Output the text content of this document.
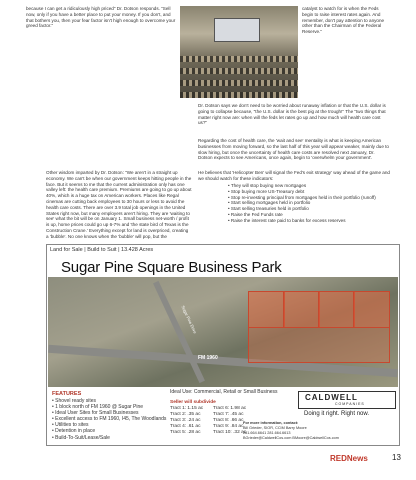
because I can get a ridiculously high priced" Dr. Dotson responds. "Sell now, only if you have a better place to put your money. If you don't, and that bothers you, then your fear factor isn't high enough to overcome your greed factor."
catalyst to watch for is when the Feds begin to raise interest rates again. And remember, don't pay attention to anyone other than the Chairman of the Federal Reserve."
Dr. Dotson says we don't need to be worried about runaway inflation or that the U.S. dollar is going to collapse because, "the U.S. dollar is the best pig at the trough!" The "two things that matter right now are: when will the feds let rates go up and how much will health care cost us?"
Regarding the cost of health care, the 'wait and see' mentality is what is keeping American businesses from moving forward, so the last half of this year will appear weaker, mainly due to slow hiring, but once the uncertainty of health care costs are resolved next January, Dr. Dotson expects to see Americans, once again, begin to 'overwhelm your government'.
He believes that 'Helicopter Ben' will signal the Fed's exit strategy' way ahead of the game and we should watch for these indicators:
• They will stop buying new mortgages
• Stop buying more US-Treasury debt
• Stop re-investing principal from mortgages held in their portfolio (runoff)
• Start selling mortgages held in portfolio
• Start selling treasuries held in portfolio
• Raise the Fed Funds rate
• Raise the interest rate paid to banks for excess reserves
Other wisdom imparted by Dr. Dotson: "We aren't in a straight up economy. We can't be when our government keeps hitting people in the face. But it seems to me that the current administration only has one valley left: the health care premium. Premiums are going to go up about 40%, which is a huge tax on American workers. Places like Regal cinemas are cutting back employees to 30 hours or less to avoid the health care costs. There are over 3.9 total job openings in the United States right now, but many employers aren't hiring. They are 'waiting to see' what the bit will be on January 1. Small business net-worth / profit is up, home prices could go up 6-7% and 'the state bird of Texas is the Construction Crane.' Everything except for land is overpriced, creating a 'bubble'. No one knows when the 'bubble' will pop, but the
Land for Sale | Build to Suit | 13.428 Acres
Sugar Pine Square Business Park
Sugar Pine Drive
FM 1960
FEATURES
• Shovel ready sites
• 1 block north of FM 1960 @ Sugar Pine
• Ideal User Sites for Small Businesses
• Excellent access to FM 1960, I45, The Woodlands
• Utilities to sites
• Detention in place
• Build-To-Suit/Lease/Sale
Ideal Use: Commercial, Retail or Small Business
Seller will subdivide
Tract 1: 1.15 ac Tract 6: 1.98 ac
Tract 2: .35 ac	Tract 7: .45 ac
Tract 3: .24 ac	Tract 8: .66 ac
Tract 4: .61 ac	Tract 9: .84 ac
Tract 5: .28 ac	Tract 10: .32 ac
CALDWELL
COMPANIES
Doing it right. Right now.
For more information, contact:
Bill Grieder, SIOR, CCIM Barry Moore
281.664.6641 281.664.6613
BGrieder@CaldwellCos.com BMoore@CaldwellCos.com
REDNews	13
